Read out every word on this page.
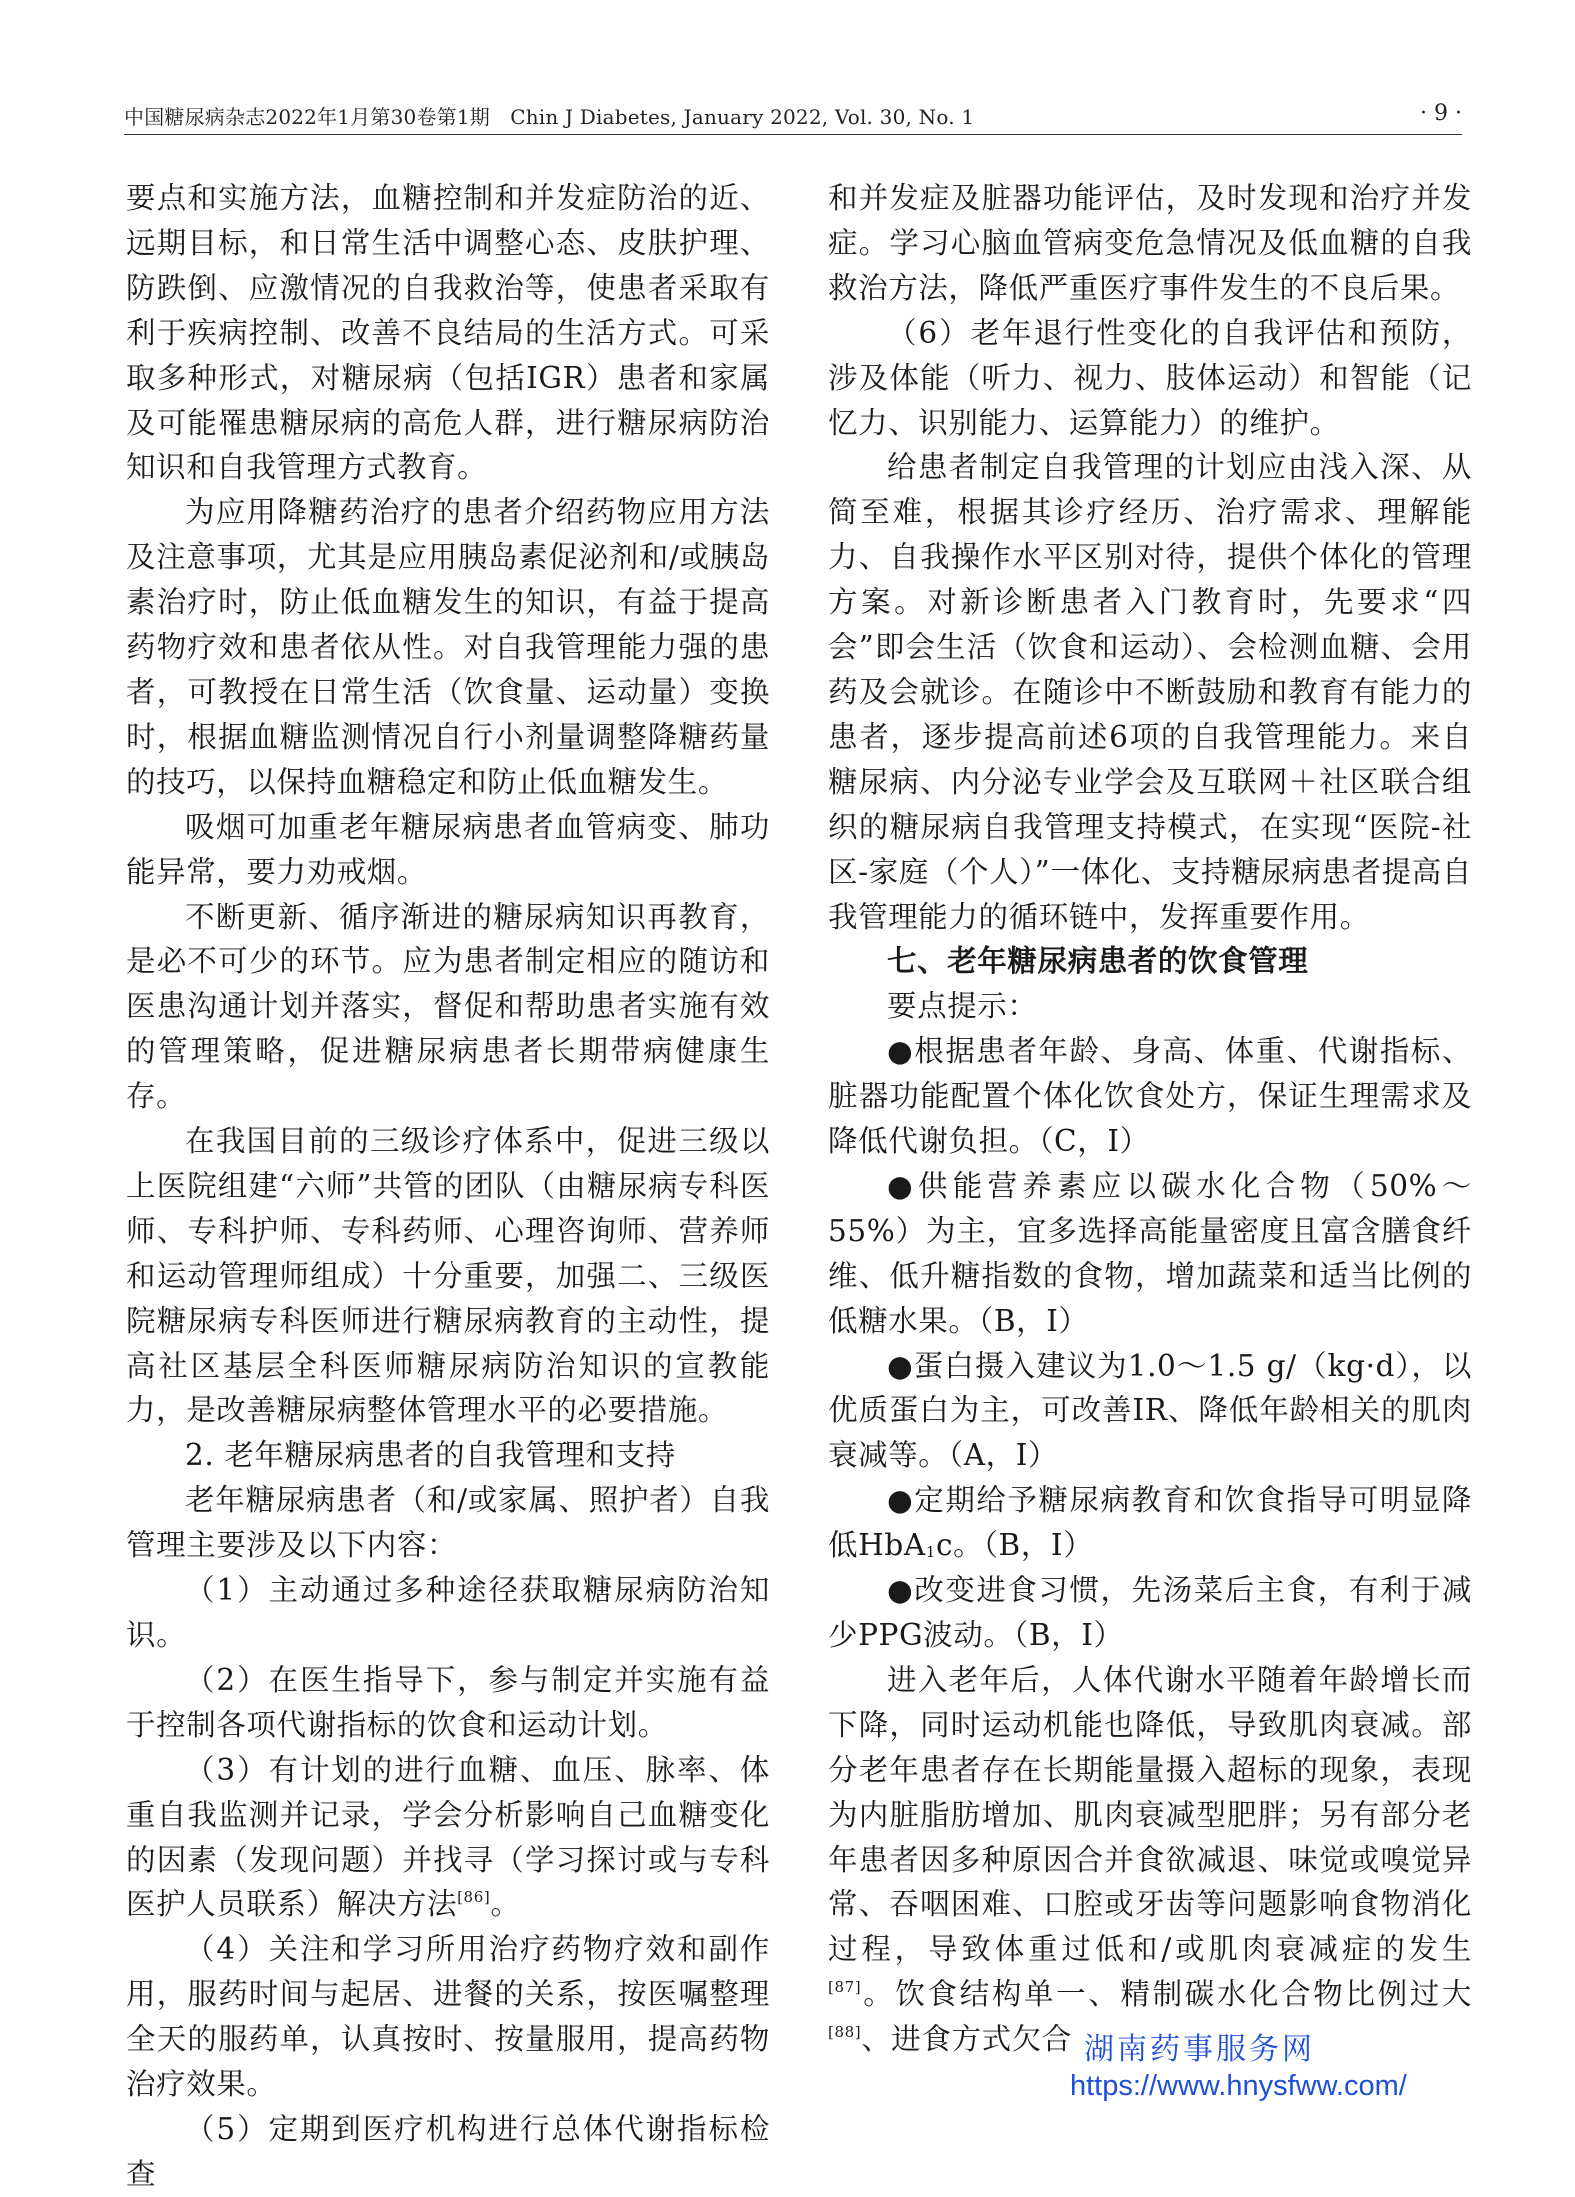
中国糖尿病杂志2022年1月第30卷第1期　Chin J Diabetes, January 2022, Vol. 30, No. 1	· 9 ·

要点和实施方法，血糖控制和并发症防治的近、远期目标，和日常生活中调整心态、皮肤护理、防跌倒、应激情况的自我救治等，使患者采取有利于疾病控制、改善不良结局的生活方式。可采取多种形式，对糖尿病（包括IGR）患者和家属及可能罹患糖尿病的高危人群，进行糖尿病防治知识和自我管理方式教育。

为应用降糖药治疗的患者介绍药物应用方法及注意事项，尤其是应用胰岛素促泌剂和/或胰岛素治疗时，防止低血糖发生的知识，有益于提高药物疗效和患者依从性。对自我管理能力强的患者，可教授在日常生活（饮食量、运动量）变换时，根据血糖监测情况自行小剂量调整降糖药量的技巧，以保持血糖稳定和防止低血糖发生。

吸烟可加重老年糖尿病患者血管病变、肺功能异常，要力劝戒烟。

不断更新、循序渐进的糖尿病知识再教育，是必不可少的环节。应为患者制定相应的随访和医患沟通计划并落实，督促和帮助患者实施有效的管理策略，促进糖尿病患者长期带病健康生存。

在我国目前的三级诊疗体系中，促进三级以上医院组建“六师”共管的团队（由糖尿病专科医师、专科护师、专科药师、心理咨询师、营养师和运动管理师组成）十分重要，加强二、三级医院糖尿病专科医师进行糖尿病教育的主动性，提高社区基层全科医师糖尿病防治知识的宣教能力，是改善糖尿病整体管理水平的必要措施。

2. 老年糖尿病患者的自我管理和支持

老年糖尿病患者（和/或家属、照护者）自我管理主要涉及以下内容：

（1）主动通过多种途径获取糖尿病防治知识。

（2）在医生指导下，参与制定并实施有益于控制各项代谢指标的饮食和运动计划。

（3）有计划的进行血糖、血压、脉率、体重自我监测并记录，学会分析影响自己血糖变化的因素（发现问题）并找寻（学习探讨或与专科医护人员联系）解决方法[86]。

（4）关注和学习所用治疗药物疗效和副作用，服药时间与起居、进餐的关系，按医嘱整理全天的服药单，认真按时、按量服用，提高药物治疗效果。

（5）定期到医疗机构进行总体代谢指标检查

和并发症及脏器功能评估，及时发现和治疗并发症。学习心脑血管病变危急情况及低血糖的自我救治方法，降低严重医疗事件发生的不良后果。

（6）老年退行性变化的自我评估和预防，涉及体能（听力、视力、肢体运动）和智能（记忆力、识别能力、运算能力）的维护。

给患者制定自我管理的计划应由浅入深、从简至难，根据其诊疗经历、治疗需求、理解能力、自我操作水平区别对待，提供个体化的管理方案。对新诊断患者入门教育时，先要求“四会”即会生活（饮食和运动）、会检测血糖、会用药及会就诊。在随诊中不断鼓励和教育有能力的患者，逐步提高前述6项的自我管理能力。来自糖尿病、内分泌专业学会及互联网＋社区联合组织的糖尿病自我管理支持模式，在实现“医院-社区-家庭（个人）”一体化、支持糖尿病患者提高自我管理能力的循环链中，发挥重要作用。

七、老年糖尿病患者的饮食管理

要点提示：

●根据患者年龄、身高、体重、代谢指标、脏器功能配置个体化饮食处方，保证生理需求及降低代谢负担。（C，Ⅰ）

●供能营养素应以碳水化合物（50%～55%）为主，宜多选择高能量密度且富含膳食纤维、低升糖指数的食物，增加蔬菜和适当比例的低糖水果。（B，Ⅰ）

●蛋白摄入建议为1.0～1.5 g/（kg·d），以优质蛋白为主，可改善IR、降低年龄相关的肌肉衰减等。（A，Ⅰ）

●定期给予糖尿病教育和饮食指导可明显降低HbA$_1$c。（B，Ⅰ）

●改变进食习惯，先汤菜后主食，有利于减少PPG波动。（B，Ⅰ）

进入老年后，人体代谢水平随着年龄增长而下降，同时运动机能也降低，导致肌肉衰减。部分老年患者存在长期能量摄入超标的现象，表现为内脏脂肪增加、肌肉衰减型肥胖；另有部分老年患者因多种原因合并食欲减退、味觉或嗅觉异常、吞咽困难、口腔或牙齿等问题影响食物消化过程，导致体重过低和/或肌肉衰减症的发生[87]。饮食结构单一、精制碳水化合物比例过大[88]、进食方式欠合 湖南药事服务网
https://www.hnysfww.com/
